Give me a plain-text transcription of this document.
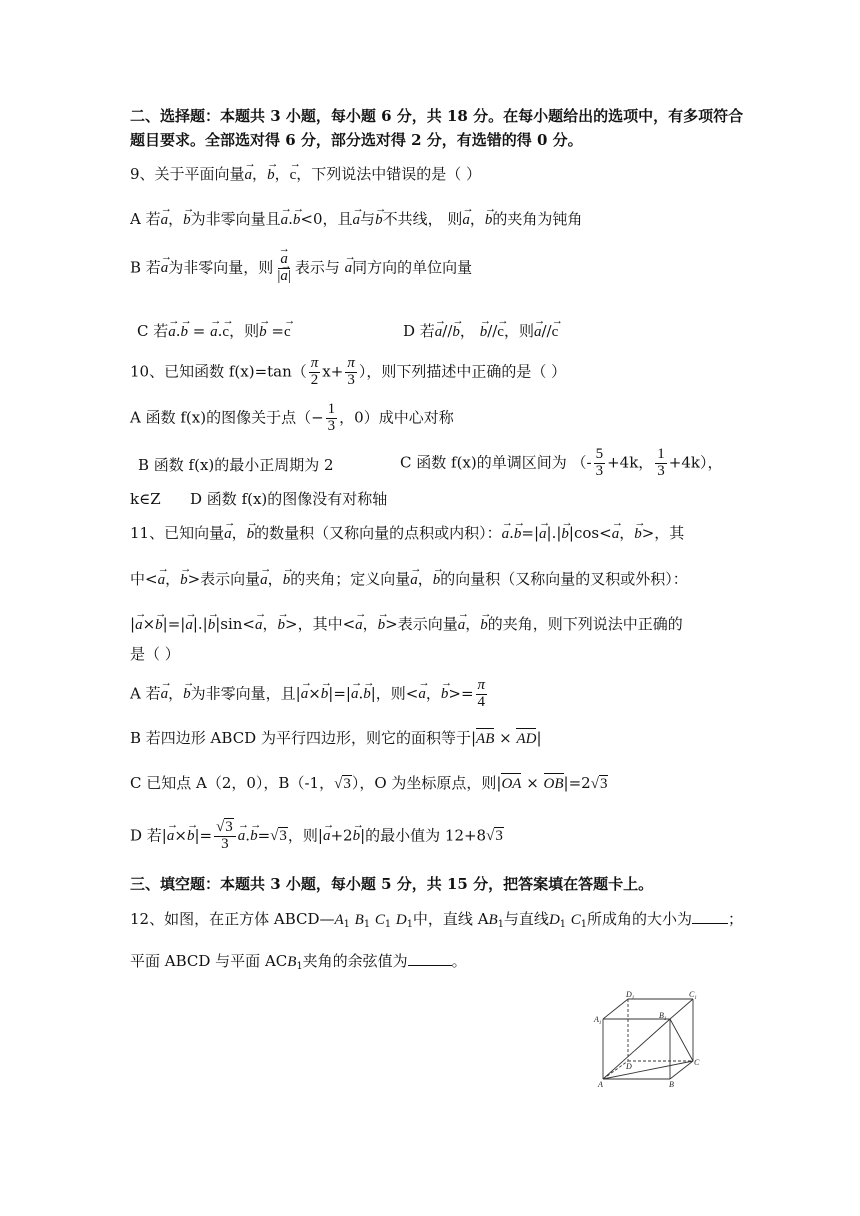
二、选择题：本题共 3 小题，每小题 6 分，共 18 分。在每小题给出的选项中，有多项符合
题目要求。全部选对得 6 分，部分选对得 2 分，有选错的得 0 分。
9、关于平面向量→ a，→ b，→ c，下列说法中错误的是（ ）
A 若→ a，→ b为非零向量且→ a.→ b<0，且→ a与→ b不共线， 则→ a，→ b的夹角为钝角
B 若→ a为非零向量，则
→ $\frac{a}{|\to a|}$ 表示与 → a同方向的单位向量
C 若→ a.→ b = → a.→ c，则→ b =→ c	D 若→ a//→ b， → b//→ c，则→ a//→ c
10、已知函数 $f(x)=\tan( \frac{\pi}{2} x+ \frac{\pi}{3}$ ），则下列描述中正确的是（ ）
A 函数 f(x)的图像关于点（− $\frac{1}{3}$ ，0）成中心对称
B 函数 f(x)的最小正周期为 2	C 函数 f(x)的单调区间为 （- $\frac{5}{3} +4k$， $\frac{1}{3} +4k$），
k∈Z D 函数 f(x)的图像没有对称轴
11、已知向量→ a，→ b的数量积（又称向量的点积或内积）：→ a.→ b=|→ a|.|→ b|cos<→ a，→ b>，其
中<→ a，→ b>表示向量→ a，→ b的夹角；定义向量→ a，→ b的向量积（又称向量的叉积或外积）：
|→ a×→ b|=|→ a|.|→ b|sin<→ a，→ b>，其中<→ a，→ b>表示向量→ a，→ b的夹角，则下列说法中正确的
是（ ）
A 若→ a，→ b为非零向量，且|→ a×→ b|=|→ a.→ b|，则<→ a，→ $b>= \frac{\pi}{4}$
B 若四边形 ABCD 为平行四边形，则它的面积等于|AB × AD|
C 已知点 A（2，0），B（-1，√3），O 为坐标原点，则|OA × OB|=2√3
D 若|→ $a\times\to b|= \frac{√3}{3}$
→ a.→ b=√3，则|→ a+2→ b|的最小值为 12+8√3
三、填空题：本题共 3 小题，每小题 5 分，共 15 分，把答案填在答题卡上。
12、如图，在正方体 $ABCD—A_1$ $B_1$ $C_1$ $D_1$中，直线 $AB_1$与直线$D_1$ $C_1$所成角的大小为 ；
平面 ABCD 与平面 $ACB_1$夹角的余弦值为	。
$D_1$	$C_1$
$A_1$
$B_1$
D	C
A	B
